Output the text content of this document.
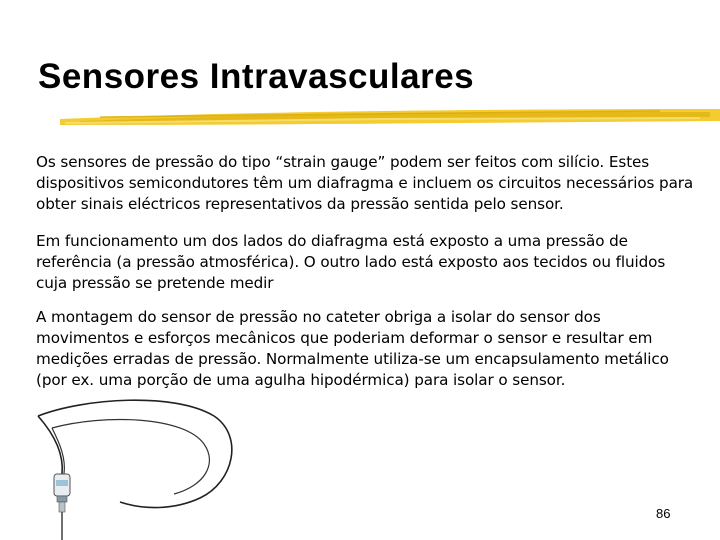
Sensores Intravasculares

Os sensores de pressão do tipo “strain gauge” podem ser feitos com silício. Estes dispositivos semicondutores têm um diafragma e incluem os circuitos necessários para obter sinais eléctricos representativos da pressão sentida pelo sensor.

Em funcionamento um dos lados do diafragma está exposto a uma pressão de referência (a pressão atmosférica). O outro lado está exposto aos tecidos ou fluidos cuja pressão se pretende medir

A montagem do sensor de pressão no cateter obriga a isolar do sensor dos movimentos e esforços mecânicos que poderiam deformar o sensor e resultar em medições erradas de pressão. Normalmente utiliza-se um encapsulamento metálico (por ex. uma porção de uma agulha hipodérmica) para isolar o sensor.

86
